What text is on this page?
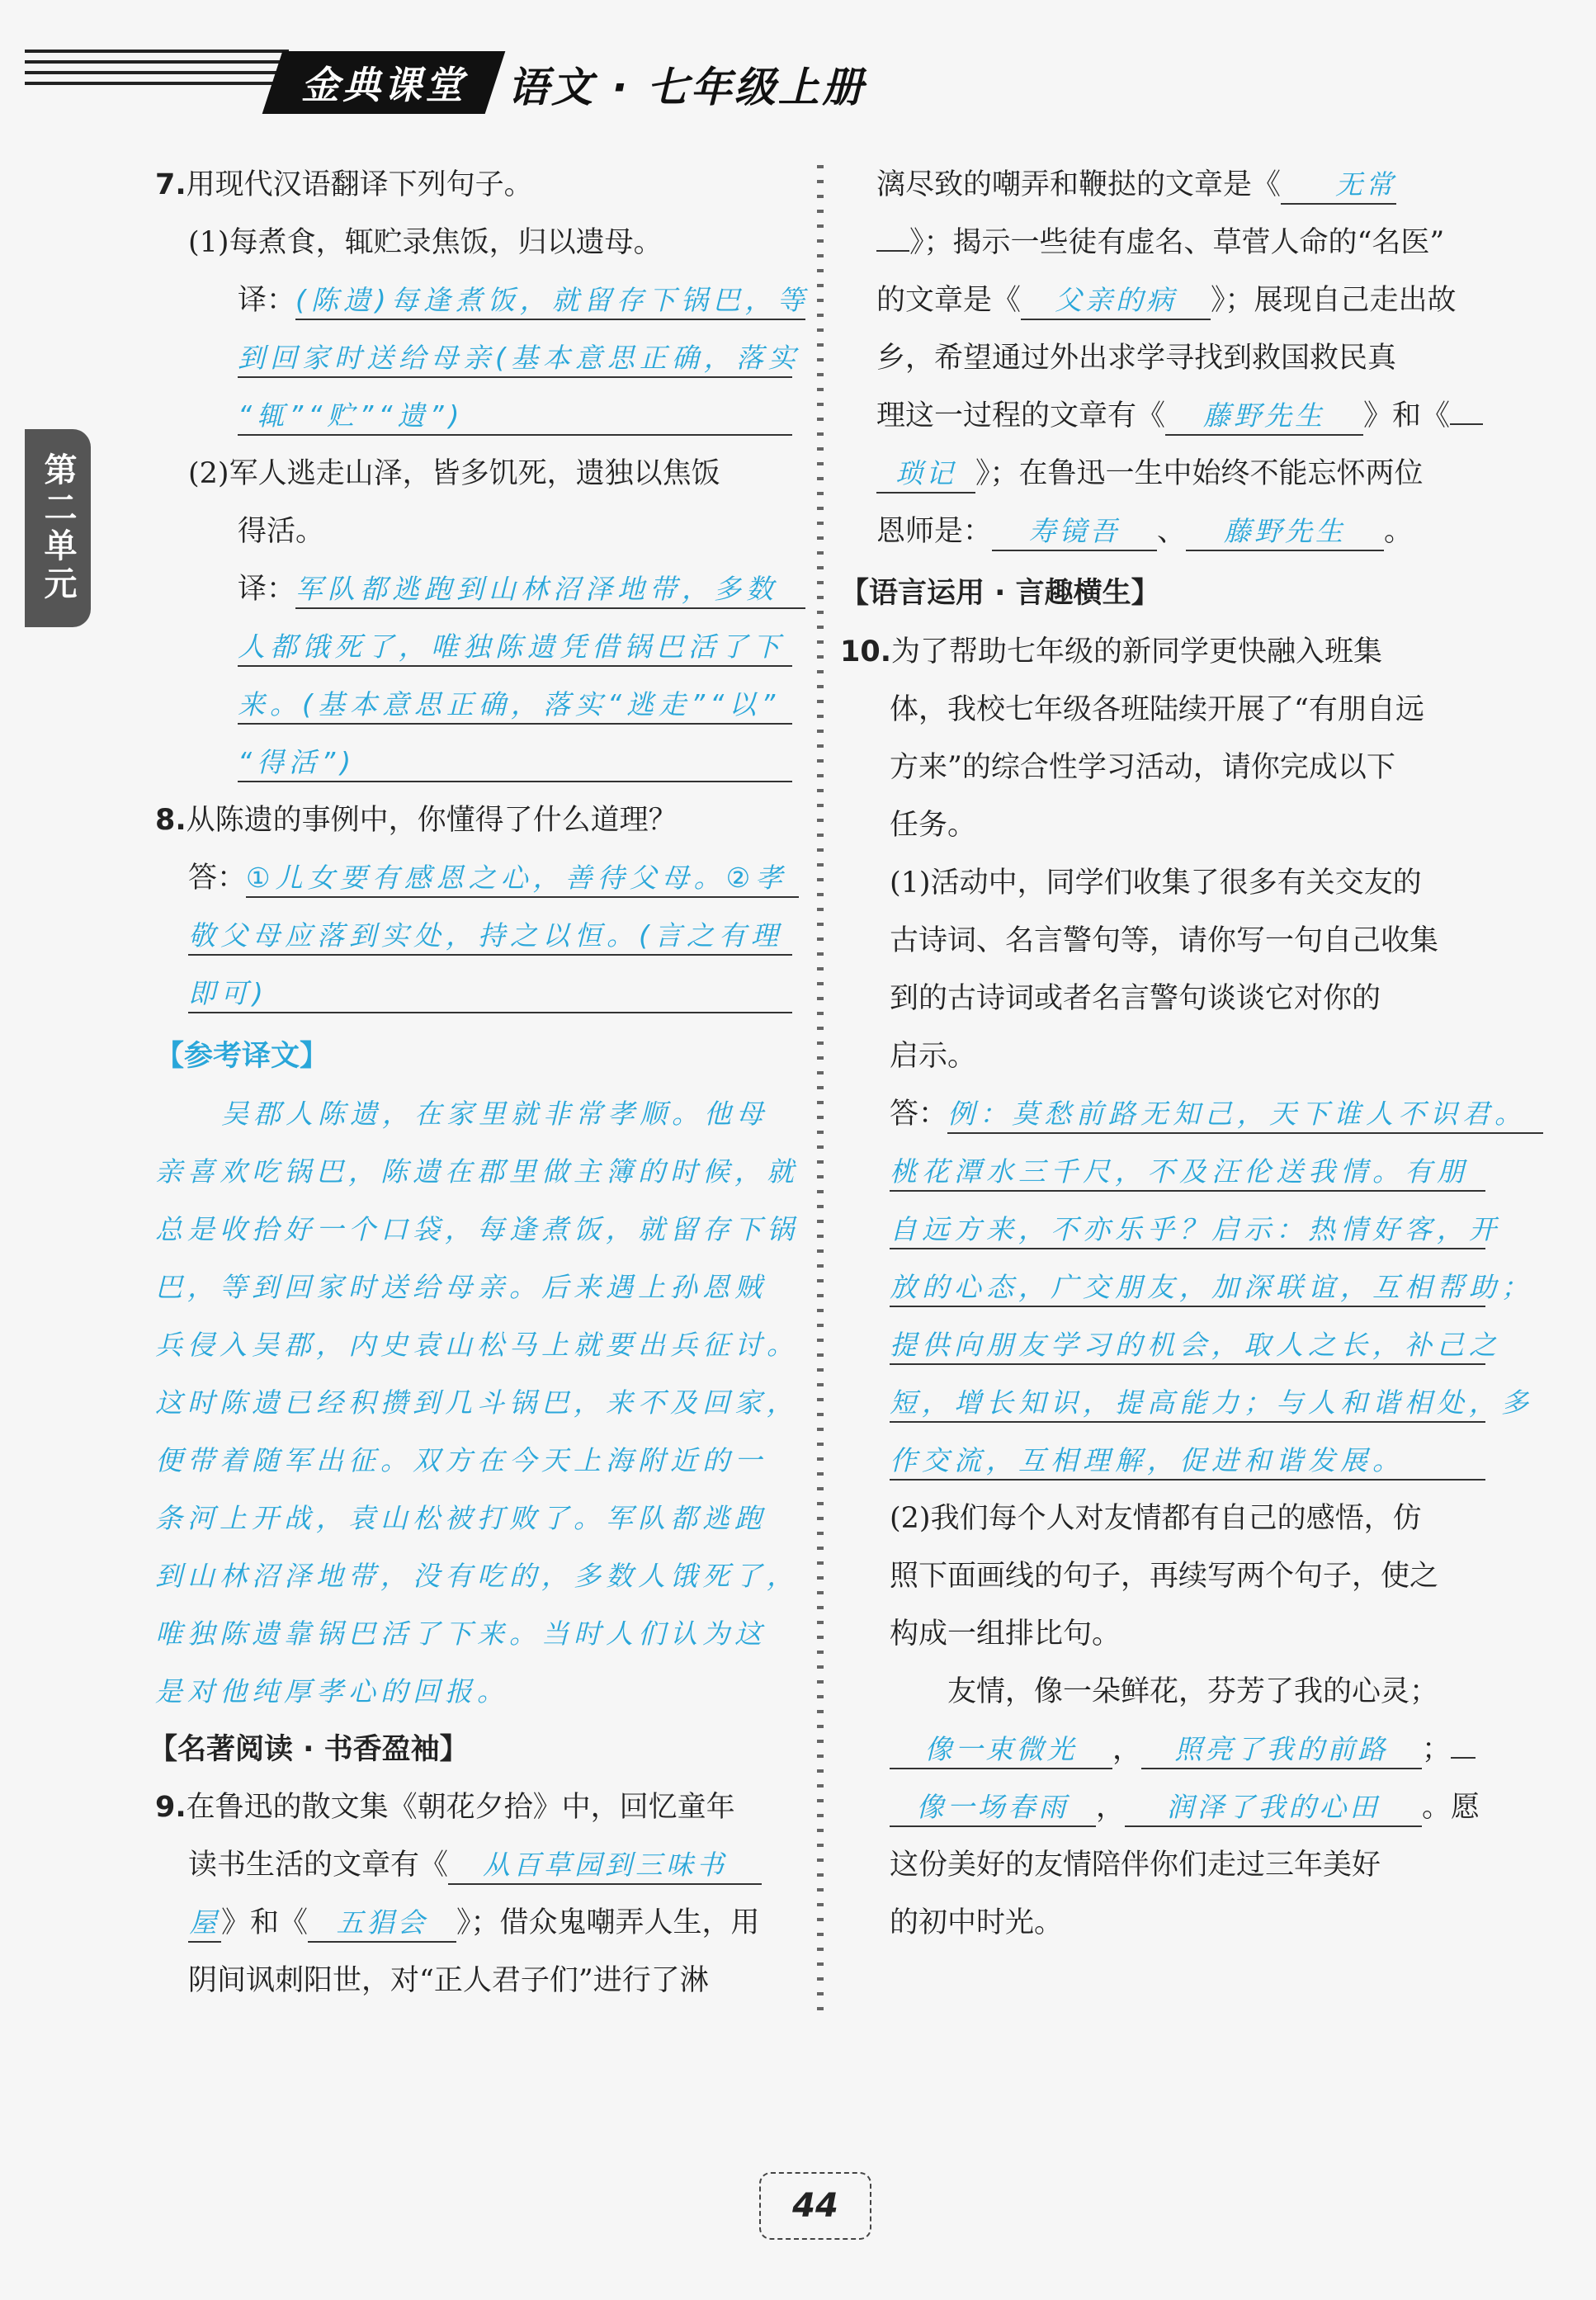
金典课堂 语文 · 七年级上册
第二单元
7.用现代汉语翻译下列句子。
(1)每煮食，辄贮录焦饭，归以遗母。
译：(陈遗)每逢煮饭，就留存下锅巴，等
到回家时送给母亲(基本意思正确，落实
“辄”“贮”“遗”)
(2)军人逃走山泽，皆多饥死，遗独以焦饭
得活。
译：军队都逃跑到山林沼泽地带，多数
人都饿死了，唯独陈遗凭借锅巴活了下
来。(基本意思正确，落实“逃走”“以”
“得活”)
8.从陈遗的事例中，你懂得了什么道理？
答：①儿女要有感恩之心，善待父母。②孝
敬父母应落到实处，持之以恒。(言之有理
即可)
【参考译文】
吴郡人陈遗，在家里就非常孝顺。他母
亲喜欢吃锅巴，陈遗在郡里做主簿的时候，就
总是收拾好一个口袋，每逢煮饭，就留存下锅
巴，等到回家时送给母亲。后来遇上孙恩贼
兵侵入吴郡，内史袁山松马上就要出兵征讨。
这时陈遗已经积攒到几斗锅巴，来不及回家，
便带着随军出征。双方在今天上海附近的一
条河上开战，袁山松被打败了。军队都逃跑
到山林沼泽地带，没有吃的，多数人饿死了，
唯独陈遗靠锅巴活了下来。当时人们认为这
是对他纯厚孝心的回报。
【名著阅读 · 书香盈袖】
9.在鲁迅的散文集《朝花夕拾》中，回忆童年
读书生活的文章有《 从百草园到三味书
屋》和《 五猖会 》；借众鬼嘲弄人生，用
阴间讽刺阳世，对“正人君子们”进行了淋
漓尽致的嘲弄和鞭挞的文章是《 无常
》；揭示一些徒有虚名、草菅人命的“名医”
的文章是《 父亲的病 》；展现自己走出故
乡，希望通过外出求学寻找到救国救民真
理这一过程的文章有《 藤野先生 》和《
琐记 》；在鲁迅一生中始终不能忘怀两位
恩师是： 寿镜吾 、 藤野先生 。
【语言运用 · 言趣横生】
10.为了帮助七年级的新同学更快融入班集
体，我校七年级各班陆续开展了“有朋自远
方来”的综合性学习活动，请你完成以下
任务。
(1)活动中，同学们收集了很多有关交友的
古诗词、名言警句等，请你写一句自己收集
到的古诗词或者名言警句谈谈它对你的
启示。
答：例：莫愁前路无知己，天下谁人不识君。
桃花潭水三千尺，不及汪伦送我情。有朋
自远方来，不亦乐乎？启示：热情好客，开
放的心态，广交朋友，加深联谊，互相帮助；
提供向朋友学习的机会，取人之长，补己之
短，增长知识，提高能力；与人和谐相处，多
作交流，互相理解，促进和谐发展。
(2)我们每个人对友情都有自己的感悟，仿
照下面画线的句子，再续写两个句子，使之
构成一组排比句。
友情，像一朵鲜花，芬芳了我的心灵；
像一束微光 ， 照亮了我的前路 ；
像一场春雨 ， 润泽了我的心田 。愿
这份美好的友情陪伴你们走过三年美好
的初中时光。
44
